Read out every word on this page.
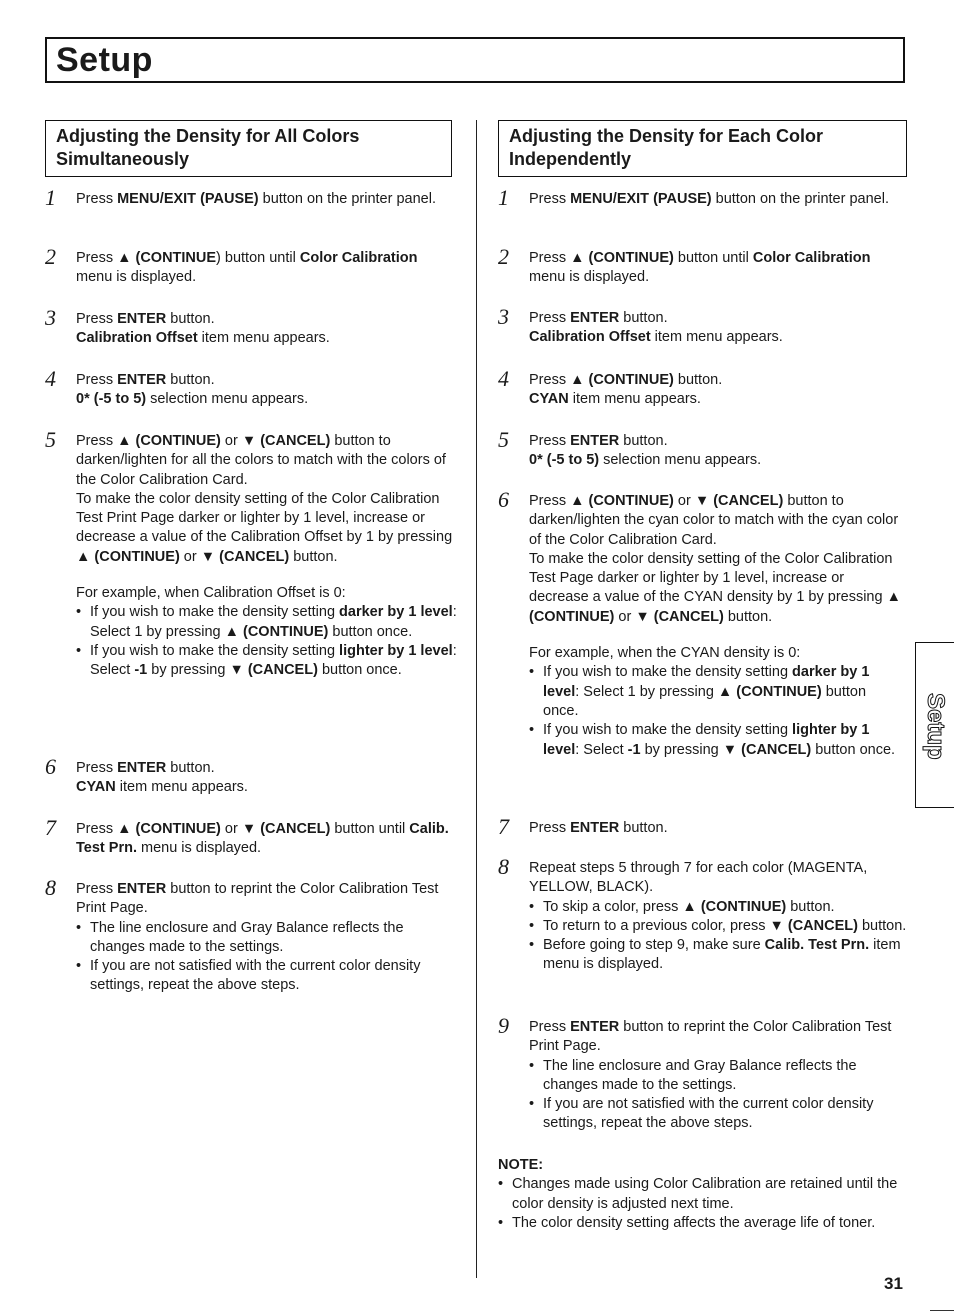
Setup
Adjusting the Density for All Colors Simultaneously
Adjusting the Density for Each Color Independently
1	Press MENU/EXIT (PAUSE) button on the printer panel.
2	Press ▲ (CONTINUE) button until Color Calibration menu is displayed.
3	Press ENTER button.
Calibration Offset item menu appears.
4	Press ENTER button.
0* (-5 to 5) selection menu appears.
5	Press ▲ (CONTINUE) or ▼ (CANCEL) button to darken/lighten for all the colors to match with the colors of the Color Calibration Card.
To make the color density setting of the Color Calibration Test Print Page darker or lighter by 1 level, increase or decrease a value of the Calibration Offset by 1 by pressing ▲ (CONTINUE) or ▼ (CANCEL) button.
For example, when Calibration Offset is 0:
• If you wish to make the density setting darker by 1 level: Select 1 by pressing ▲ (CONTINUE) button once.
• If you wish to make the density setting lighter by 1 level: Select -1 by pressing ▼ (CANCEL) button once.
6	Press ENTER button.
CYAN item menu appears.
7	Press ▲ (CONTINUE) or ▼ (CANCEL) button until Calib. Test Prn. menu is displayed.
8	Press ENTER button to reprint the Color Calibration Test Print Page.
• The line enclosure and Gray Balance reflects the changes made to the settings.
• If you are not satisfied with the current color density settings, repeat the above steps.
1	Press MENU/EXIT (PAUSE) button on the printer panel.
2	Press ▲ (CONTINUE) button until Color Calibration menu is displayed.
3	Press ENTER button.
Calibration Offset item menu appears.
4	Press ▲ (CONTINUE) button.
CYAN item menu appears.
5	Press ENTER button.
0* (-5 to 5) selection menu appears.
6	Press ▲ (CONTINUE) or ▼ (CANCEL) button to darken/lighten the cyan color to match with the cyan color of the Color Calibration Card.
To make the color density setting of the Color Calibration Test Page darker or lighter by 1 level, increase or decrease a value of the CYAN density by 1 by pressing ▲ (CONTINUE) or ▼ (CANCEL) button.
For example, when the CYAN density is 0:
• If you wish to make the density setting darker by 1 level: Select 1 by pressing ▲ (CONTINUE) button once.
• If you wish to make the density setting lighter by 1 level: Select -1 by pressing ▼ (CANCEL) button once.
7	Press ENTER button.
8	Repeat steps 5 through 7 for each color (MAGENTA, YELLOW, BLACK).
• To skip a color, press ▲ (CONTINUE) button.
• To return to a previous color, press ▼ (CANCEL) button.
• Before going to step 9, make sure Calib. Test Prn. item menu is displayed.
9	Press ENTER button to reprint the Color Calibration Test Print Page.
• The line enclosure and Gray Balance reflects the changes made to the settings.
• If you are not satisfied with the current color density settings, repeat the above steps.

NOTE:

• Changes made using Color Calibration are retained until the color density is adjusted next time.
• The color density setting affects the average life of toner.
Setup
31
